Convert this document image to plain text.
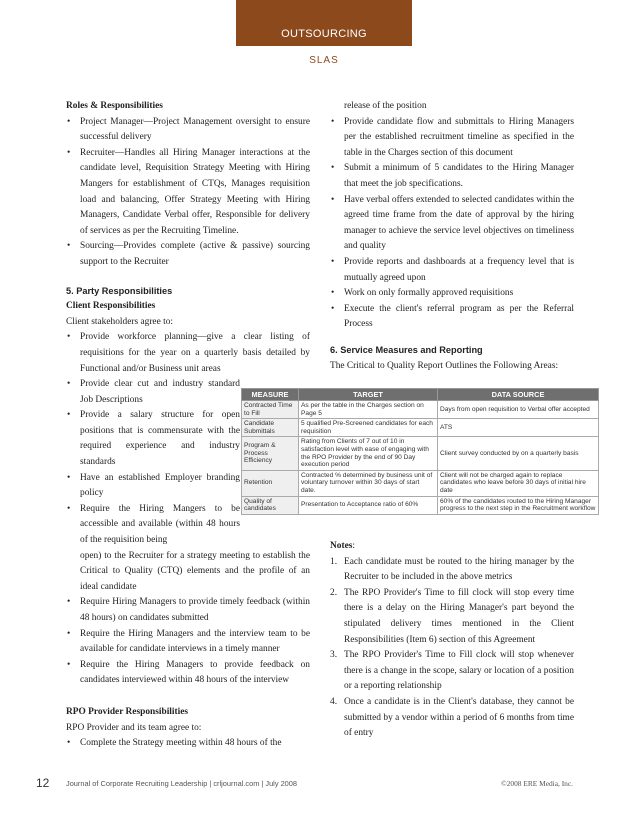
OUTSOURCING
SLAS

Roles & Responsibilities

• Project Manager—Project Management oversight to ensure successful delivery
• Recruiter—Handles all Hiring Manager interactions at the candidate level, Requisition Strategy Meeting with Hiring Mangers for establishment of CTQs, Manages requisition load and balancing, Offer Strategy Meeting with Hiring Managers, Candidate Verbal offer, Responsible for delivery of services as per the Recruiting Timeline.
• Sourcing—Provides complete (active & passive) sourcing support to the Recruiter

5. Party Responsibilities

Client Responsibilities

Client stakeholders agree to:

• Provide workforce planning—give a clear listing of requisitions for the year on a quarterly basis detailed by Functional and/or Business unit areas
• Provide clear cut and industry standard Job Descriptions
• Provide a salary structure for open positions that is commensurate with the required experience and industry standards
• Have an established Employer branding policy
• Require the Hiring Mangers to be accessible and available (within 48 hours of the requisition being
open) to the Recruiter for a strategy meeting to establish the Critical to Quality (CTQ) elements and the profile of an ideal candidate
• Require Hiring Managers to provide timely feedback (within 48 hours) on candidates submitted
• Require the Hiring Managers and the interview team to be available for candidate interviews in a timely manner
• Require the Hiring Managers to provide feedback on candidates interviewed within 48 hours of the interview

RPO Provider Responsibilities

RPO Provider and its team agree to:

• Complete the Strategy meeting within 48 hours of the
release of the position
• Provide candidate flow and submittals to Hiring Managers per the established recruitment timeline as specified in the table in the Charges section of this document
• Submit a minimum of 5 candidates to the Hiring Manager that meet the job specifications.
• Have verbal offers extended to selected candidates within the agreed time frame from the date of approval by the hiring manager to achieve the service level objectives on timeliness and quality
• Provide reports and dashboards at a frequency level that is mutually agreed upon
• Work on only formally approved requisitions
• Execute the client's referral program as per the Referral Process

6. Service Measures and Reporting

The Critical to Quality Report Outlines the Following Areas:

MEASURE	TARGET	DATA SOURCE
Contracted Time to Fill	As per the table in the Charges section on Page 5	Days from open requisition to Verbal offer accepted
Candidate Submittals	5 qualified Pre-Screened candidates for each requisition	ATS
Program & Process Efficiency	Rating from Clients of 7 out of 10 in satisfaction level with ease of engaging with the RPO Provider by the end of 90 Day execution period	Client survey conducted by on a quarterly basis
Retention	Contracted % determined by business unit of voluntary turnover within 30 days of start date.	Client will not be charged again to replace candidates who leave before 30 days of initial hire date
Quality of candidates	Presentation to Acceptance ratio of 60%	60% of the candidates routed to the Hiring Manager progress to the next step in the Recruitment workflow

Notes:

1. Each candidate must be routed to the hiring manager by the Recruiter to be included in the above metrics
2. The RPO Provider's Time to fill clock will stop every time there is a delay on the Hiring Manager's part beyond the stipulated delivery times mentioned in the Client Responsibilities (Item 6) section of this Agreement
3. The RPO Provider's Time to Fill clock will stop whenever there is a change in the scope, salary or location of a position or a reporting relationship
4. Once a candidate is in the Client's database, they cannot be submitted by a vendor within a period of 6 months from time of entry
12 Journal of Corporate Recruiting Leadership | crljournal.com | July 2008	©2008 ERE Media, Inc.
